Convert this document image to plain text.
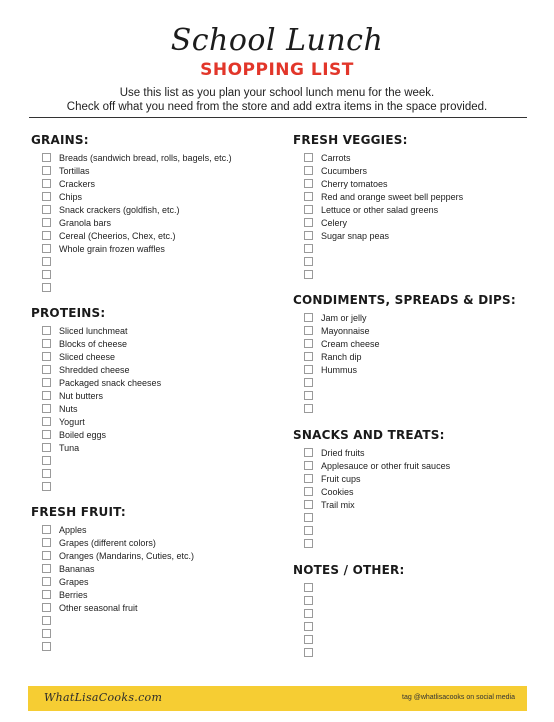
School Lunch
SHOPPING LIST
Use this list as you plan your school lunch menu for the week.
Check off what you need from the store and add extra items in the space provided.
GRAINS:
Breads (sandwich bread, rolls, bagels, etc.)
Tortillas
Crackers
Chips
Snack crackers (goldfish, etc.)
Granola bars
Cereal (Cheerios, Chex, etc.)
Whole grain frozen waffles
PROTEINS:
Sliced lunchmeat
Blocks of cheese
Sliced cheese
Shredded cheese
Packaged snack cheeses
Nut butters
Nuts
Yogurt
Boiled eggs
Tuna
FRESH FRUIT:
Apples
Grapes (different colors)
Oranges (Mandarins, Cuties, etc.)
Bananas
Grapes
Berries
Other seasonal fruit
FRESH VEGGIES:
Carrots
Cucumbers
Cherry tomatoes
Red and orange sweet bell peppers
Lettuce or other salad greens
Celery
Sugar snap peas
CONDIMENTS, SPREADS & DIPS:
Jam or jelly
Mayonnaise
Cream cheese
Ranch dip
Hummus
SNACKS AND TREATS:
Dried fruits
Applesauce or other fruit sauces
Fruit cups
Cookies
Trail mix
NOTES / OTHER:
WhatLisaCooks.com	tag @whatlisacooks on social media
